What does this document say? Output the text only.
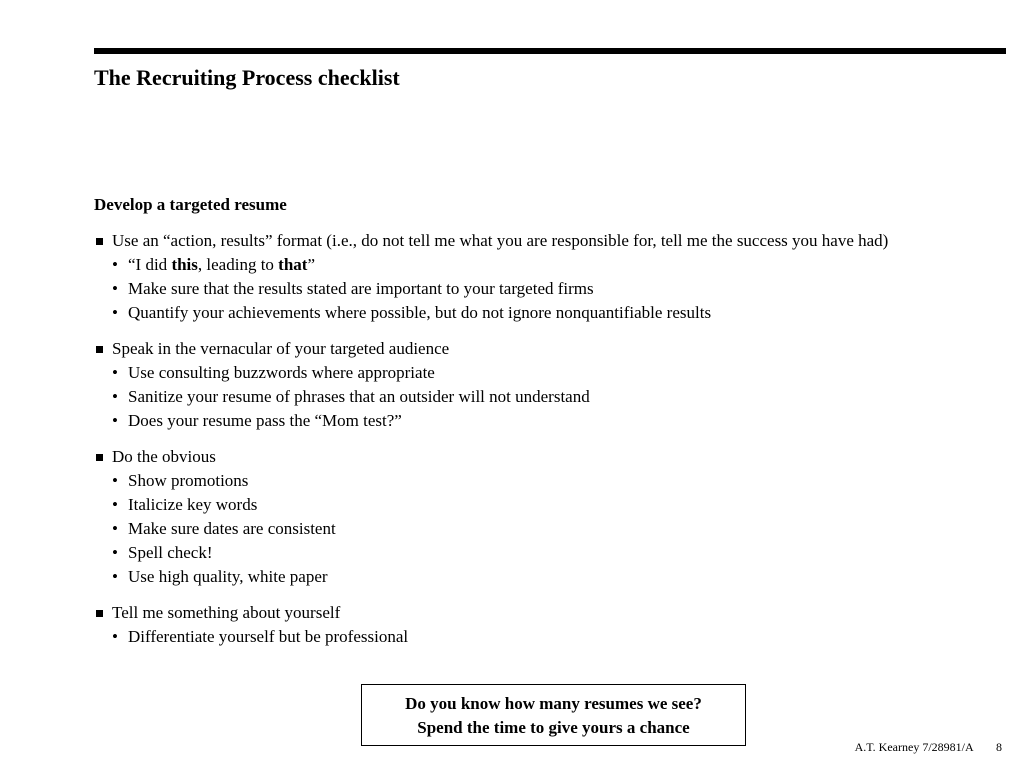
The Recruiting Process checklist
Develop a targeted resume
Use an “action, results” format (i.e., do not tell me what you are responsible for, tell me the success you have had)
• “I did this, leading to that”
• Make sure that the results stated are important to your targeted firms
• Quantify your achievements where possible, but do not ignore nonquantifiable results
Speak in the vernacular of your targeted audience
• Use consulting buzzwords where appropriate
• Sanitize your resume of phrases that an outsider will not understand
• Does your resume pass the “Mom test?”
Do the obvious
• Show promotions
• Italicize key words
• Make sure dates are consistent
• Spell check!
• Use high quality, white paper
Tell me something about yourself
• Differentiate yourself but be professional
Do you know how many resumes we see?
Spend the time to give yours a chance
A.T. Kearney 7/28981/A 8
